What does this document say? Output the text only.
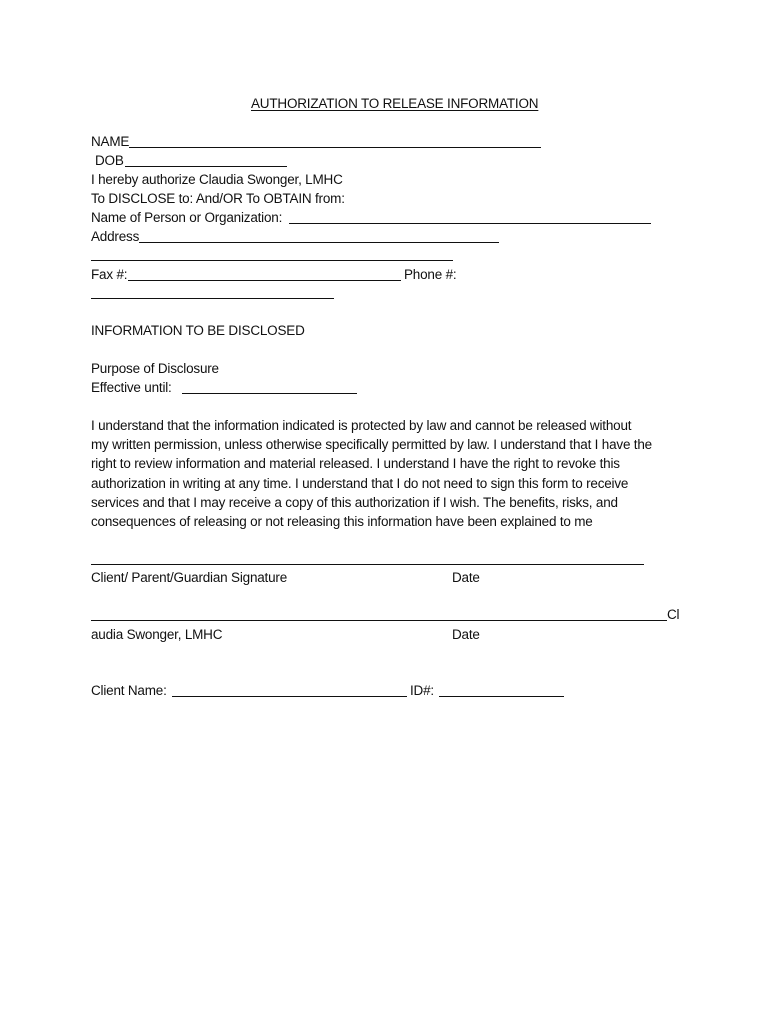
AUTHORIZATION TO RELEASE INFORMATION
NAME
DOB
I hereby authorize Claudia Swonger, LMHC
To DISCLOSE to: And/OR To OBTAIN from:
Name of Person or Organization:
Address
Fax #:	Phone #:
INFORMATION TO BE DISCLOSED
Purpose of Disclosure
Effective until:
I understand that the information indicated is protected by law and cannot be released without
my written permission, unless otherwise specifically permitted by law. I understand that I have the
right to review information and material released. I understand I have the right to revoke this
authorization in writing at any time. I understand that I do not need to sign this form to receive
services and that I may receive a copy of this authorization if I wish. The benefits, risks, and
consequences of releasing or not releasing this information have been explained to me
Client/ Parent/Guardian Signature	Date
Cl
audia Swonger, LMHC	Date
Client Name:	ID#:
